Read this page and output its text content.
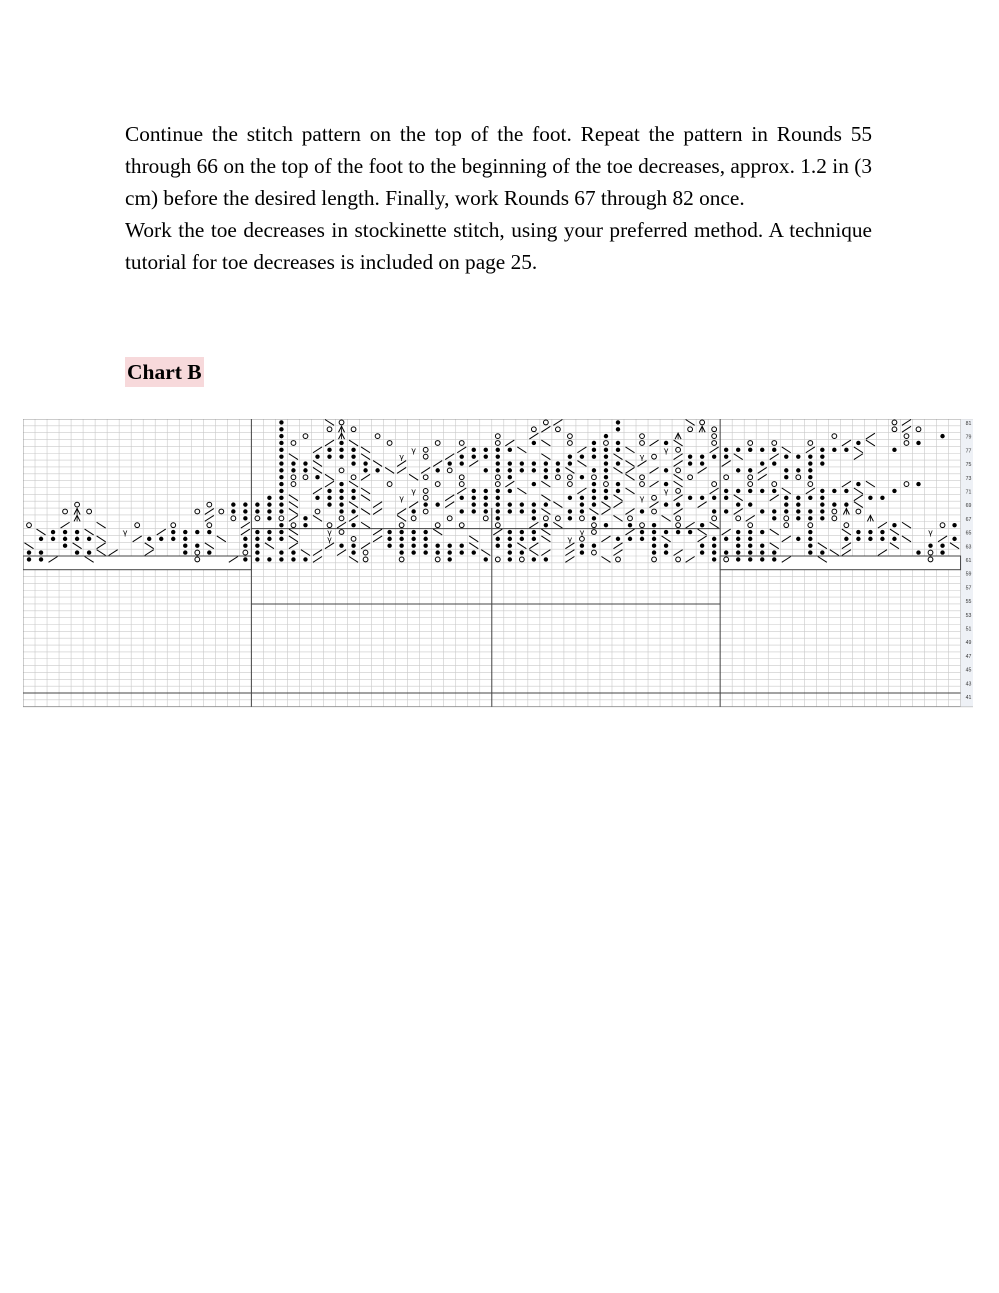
Continue the stitch pattern on the top of the foot. Repeat the pattern in Rounds 55 through 66 on the top of the foot to the beginning of the toe decreases, approx. 1.2 in (3 cm) before the desired length. Finally, work Rounds 67 through 82 once.

Work the toe decreases in stockinette stitch, using your preferred method. A technique tutorial for toe decreases is included on page 25.

Chart B
81
79
77
75
73
71
69
67
65
63
61
59
57
55
53
51
49
47
45
43
41
γ	γ
γ	γ
γ	γ
γ	γ
γ	γ	γ	γ
γ	γ
